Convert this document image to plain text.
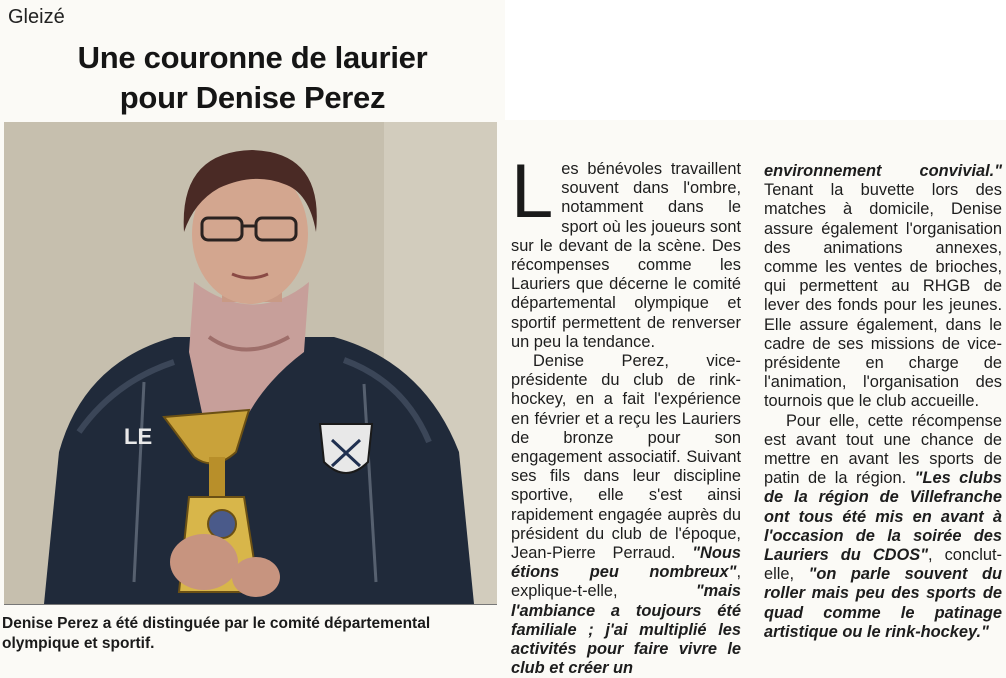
Gleizé
Une couronne de laurier
pour Denise Perez
LE
Denise Perez a été distinguée par le comité départemental olympique et sportif.

Les bénévoles travaillent souvent dans l'ombre, notamment dans le sport où les joueurs sont sur le devant de la scène. Des récompenses comme les Lauriers que décerne le comité départemental olympique et sportif permettent de renverser un peu la tendance.

Denise Perez, vice-présidente du club de rink-hockey, en a fait l'expérience en février et a reçu les Lauriers de bronze pour son engagement associatif. Suivant ses fils dans leur discipline sportive, elle s'est ainsi rapidement engagée auprès du président du club de l'époque, Jean-Pierre Perraud. "Nous étions peu nombreux", explique-t-elle,	"mais l'ambiance a toujours été familiale ; j'ai multiplié les activités pour faire vivre le club et créer un

environnement convivial." Tenant la buvette lors des matches à domicile, Denise assure également l'organisation des animations annexes, comme les ventes de brioches, qui permettent au RHGB de lever des fonds pour les jeunes. Elle assure également, dans le cadre de ses missions de vice-présidente en charge de l'animation, l'organisation des tournois que le club accueille.

Pour elle, cette récompense est avant tout une chance de mettre en avant les sports de patin de la région. "Les clubs de la région de Villefranche ont tous été mis en avant à l'occasion de la soirée des Lauriers du CDOS", conclut-elle, "on parle souvent du roller mais peu des sports de quad comme le patinage artistique ou le rink-hockey."
